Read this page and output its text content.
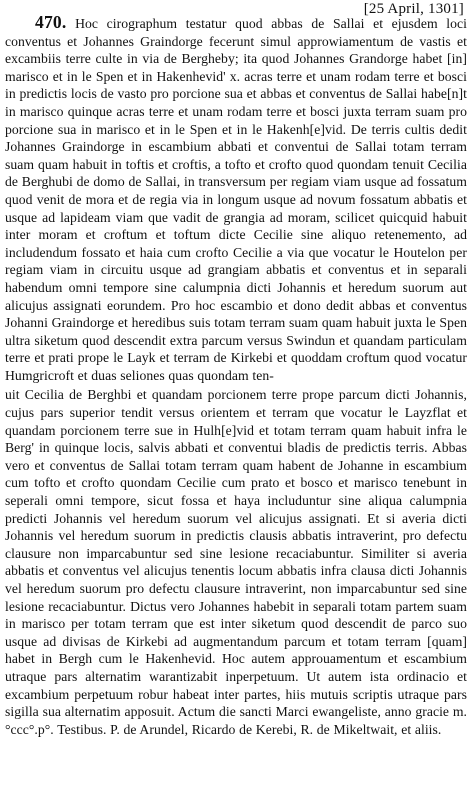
[25 April, 1301]

470. Hoc cirographum testatur quod abbas de Sallai et ejusdem loci conventus et Johannes Graindorge fecerunt simul approwiamentum de vastis et excambiis terre culte in via de Bergheby; ita quod Johannes Grandorge habet [in] marisco et in le Spen et in Hakenhevid' x. acras terre et unam rodam terre et bosci in predictis locis de vasto pro porcione sua et abbas et conventus de Sallai habe[n]t in marisco quinque acras terre et unam rodam terre et bosci juxta terram suam pro porcione sua in marisco et in le Spen et in le Hakenh[e]vid. De terris cultis dedit Johannes Graindorge in escambium abbati et conventui de Sallai totam terram suam quam habuit in toftis et croftis, a tofto et crofto quod quondam tenuit Cecilia de Berghubi de domo de Sallai, in transversum per regiam viam usque ad fossatum quod venit de mora et de regia via in longum usque ad novum fossatum abbatis et usque ad lapideam viam que vadit de grangia ad moram, scilicet quicquid habuit inter moram et croftum et toftum dicte Cecilie sine aliquo retenemento, ad includendum fossato et haia cum crofto Cecilie a via que vocatur le Houtelon per regiam viam in circuitu usque ad grangiam abbatis et conventus et in separali habendum omni tempore sine calumpnia dicti Johannis et heredum suorum aut alicujus assignati eorundem. Pro hoc escambio et dono dedit abbas et conventus Johanni Graindorge et heredibus suis totam terram suam quam habuit juxta le Spen ultra siketum quod descendit extra parcum versus Swindun et quandam particulam terre et prati prope le Layk et terram de Kirkebi et quoddam croftum quod vocatur Humgricroft et duas seliones quas quondam ten-

uit Cecilia de Berghbi et quandam porcionem terre prope parcum dicti Johannis, cujus pars superior tendit versus orientem et terram que vocatur le Layzflat et quandam porcionem terre sue in Hulh[e]vid et totam terram quam habuit infra le Berg' in quinque locis, salvis abbati et conventui bladis de predictis terris. Abbas vero et conventus de Sallai totam terram quam habent de Johanne in escambium cum tofto et crofto quondam Cecilie cum prato et bosco et marisco tenebunt in seperali omni tempore, sicut fossa et haya includuntur sine aliqua calumpnia predicti Johannis vel heredum suorum vel alicujus assignati. Et si averia dicti Johannis vel heredum suorum in predictis clausis abbatis intraverint, pro defectu clausure non imparcabuntur sed sine lesione recaciabuntur. Similiter si averia abbatis et conventus vel alicujus tenentis locum abbatis infra clausa dicti Johannis vel heredum suorum pro defectu clausure intraverint, non imparcabuntur sed sine lesione recaciabuntur. Dictus vero Johannes habebit in separali totam partem suam in marisco per totam terram que est inter siketum quod descendit de parco suo usque ad divisas de Kirkebi ad augmentandum parcum et totam terram [quam] habet in Bergh cum le Hakenhevid. Hoc autem approuamentum et escambium utraque pars alternatim warantizabit inperpetuum. Ut autem ista ordinacio et excambium perpetuum robur habeat inter partes, hiis mutuis scriptis utraque pars sigilla sua alternatim apposuit. Actum die sancti Marci ewangeliste, anno gracie m.°ccc°.p°. Testibus. P. de Arundel, Ricardo de Kerebi, R. de Mikeltwait, et aliis.
